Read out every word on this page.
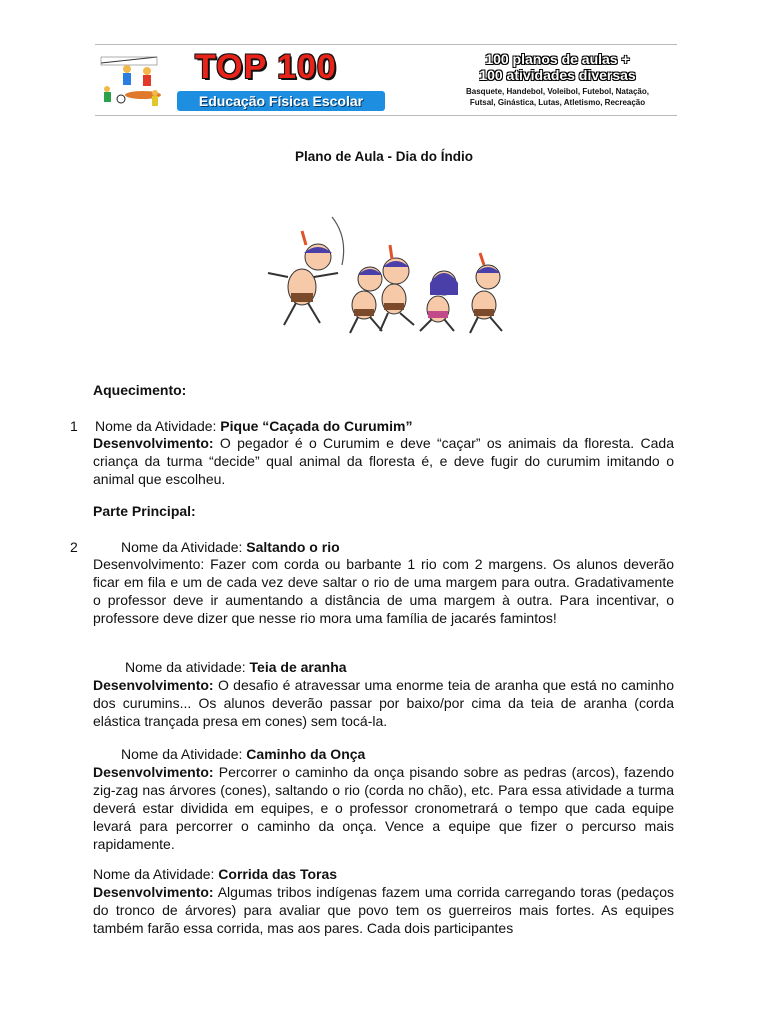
TOP 100
Educação Física Escolar
100 planos de aulas +
100 atividades diversas
Basquete, Handebol, Voleibol, Futebol, Natação,
Futsal, Ginástica, Lutas, Atletismo, Recreação
Plano de Aula - Dia do Índio
Aquecimento:
1 Nome da Atividade: Pique “Caçada do Curumim”
Desenvolvimento: O pegador é o Curumim e deve “caçar” os animais da floresta. Cada criança da turma “decide” qual animal da floresta é, e deve fugir do curumim imitando o animal que escolheu.
Parte Principal:
2	Nome da Atividade: Saltando o rio
Desenvolvimento: Fazer com corda ou barbante 1 rio com 2 margens. Os alunos deverão ficar em fila e um de cada vez deve saltar o rio de uma margem para outra. Gradativamente o professor deve ir aumentando a distância de uma margem à outra. Para incentivar, o professore deve dizer que nesse rio mora uma família de jacarés famintos!
Nome da atividade: Teia de aranha
Desenvolvimento: O desafio é atravessar uma enorme teia de aranha que está no caminho dos curumins... Os alunos deverão passar por baixo/por cima da teia de aranha (corda elástica trançada presa em cones) sem tocá-la.
Nome da Atividade: Caminho da Onça
Desenvolvimento: Percorrer o caminho da onça pisando sobre as pedras (arcos), fazendo zig-zag nas árvores (cones), saltando o rio (corda no chão), etc. Para essa atividade a turma deverá estar dividida em equipes, e o professor cronometrará o tempo que cada equipe levará para percorrer o caminho da onça. Vence a equipe que fizer o percurso mais rapidamente.
Nome da Atividade: Corrida das Toras
Desenvolvimento: Algumas tribos indígenas fazem uma corrida carregando toras (pedaços do tronco de árvores) para avaliar que povo tem os guerreiros mais fortes. As equipes também farão essa corrida, mas aos pares. Cada dois participantes
